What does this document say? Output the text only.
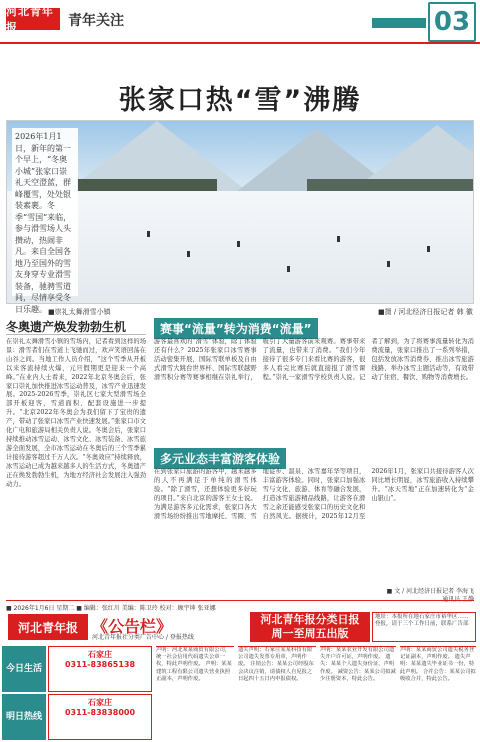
河北青年报	青年关注	03
张家口热“雪”沸腾
2026年1月1日，新年的第一个早上，“冬奥小城”张家口崇礼天空澄蓝，群峰覆雪，处处银装素裹。冬季“雪国”来临，参与滑雪场人头攒动，热闹非凡。来自全国各地乃至国外的雪友身穿专业滑雪装备，驰骋雪道间，尽情享受冬日乐趣。 ■崇礼太舞滑雪小镇	■摄 / 河北经济日报记者 韩 徽
冬奥遗产焕发勃勃生机
在崇礼太舞滑雪小镇的雪场内，记者看到这样的场景：滑雪者们在雪道上飞驰而过，欢声笑语回荡在山谷之间。当地工作人员介绍，“这个雪季从开板以来客流持续火爆，元旦假期更是迎来一个高峰。”在业内人士看来，2022年北京冬奥会后，张家口崇礼加快推进冰雪运动普及，冰雪产业迅速发展。2025-2026雪季，崇礼区七家大型滑雪场全部开板迎客，雪道面积、配套设施进一步提升。“北京2022年冬奥会为我们留下了宝贵的遗产，带动了张家口冰雪产业快速发展。”张家口市文化广电和旅游局相关负责人说。冬奥会后，张家口持续推动冰雪运动、冰雪文化、冰雪装备、冰雪旅游全面发展，全市冰雪运动在冬奥后的三个雪季累计接待游客超过千万人次。“冬奥效应”持续释放，冰雪运动已成为越来越多人的生活方式，冬奥遗产正在焕发勃勃生机，为地方经济社会发展注入强劲动力。
赛事“流量”转为消费“流量”
游客最喜欢的“滑雪”体验，除了体验还有什么？2025年张家口冰雪赛事活动密集开展，国际雪联单板及自由式滑雪大跳台世界杯、国际雪联越野滑雪积分赛等赛事相继在崇礼举行，吸引了大量游客前来观赛。赛事带来了流量，也带来了消费。“我们今年接待了很多专门来看比赛的游客，很多人看完比赛后就直接报了滑雪课程。”崇礼一家滑雪学校负责人说。记者了解到，为了将赛事流量转化为消费流量，张家口推出了一系列举措，包括发放冰雪消费券、推出冰雪旅游线路、举办冰雪主题活动等，有效带动了住宿、餐饮、购物等消费增长。
多元业态丰富游客体验
在到张家口旅游的游客中，越来越多的人不再满足于单纯的滑雪体验。“除了滑雪，还想体验更多好玩的项目。”来自北京的游客王女士说。为满足游客多元化需求，张家口各大滑雪场纷纷推出雪地摩托、雪圈、雪地徒步、温泉、冰雪嘉年华等项目，丰富游客体验。同时，张家口加强冰雪与文化、旅游、体育等融合发展，打造冰雪旅游精品线路，让游客在滑雪之余还能感受张家口的历史文化和自然风光。据统计，2025年12月至2026年1月，张家口共接待游客人次同比增长明显，冰雪旅游收入持续攀升。“冰天雪地”正在加速转化为“金山银山”。
■ 文 / 河北经济日报记者 李海飞

■ 2026年1月6日 星期二 ■ 编辑：张红川 美编：陈卫玲 校对：顾宇坤 张亚娜
河北青年报 《公告栏》
河北青年报社分类广告中心 / 登报热线
河北青年报分类日报
周一至周五出版
地址：本报所在地石家庄市裕华区…… 登报，请于三个工作日前，联系广告部
今日生活
石家庄
0311-83865138
明日热线
石家庄
0311-83838000
声明：河北某某商贸有限公司，统一社会信用代码遗失公章一枚，特此声明作废。 声明：某某建筑工程有限公司遗失营业执照正副本，声明作废。
遗失声明：石家庄某某科技有限公司遗失发票专用章，声明作废。 注销公告：某某公司经股东会决议注销，请债权人自见报之日起四十五日内申报债权。
声明：某某农业开发有限公司遗失开户许可证，声明作废。 遗失：某某个人遗失身份证，声明作废。 减资公告：某某公司拟减少注册资本，特此公告。
声明：某某商贸公司遗失税务登记证副本，声明作废。 遗失声明：某某遗失毕业证书一份，特此声明。 合并公告：某某公司拟吸收合并，特此公告。
